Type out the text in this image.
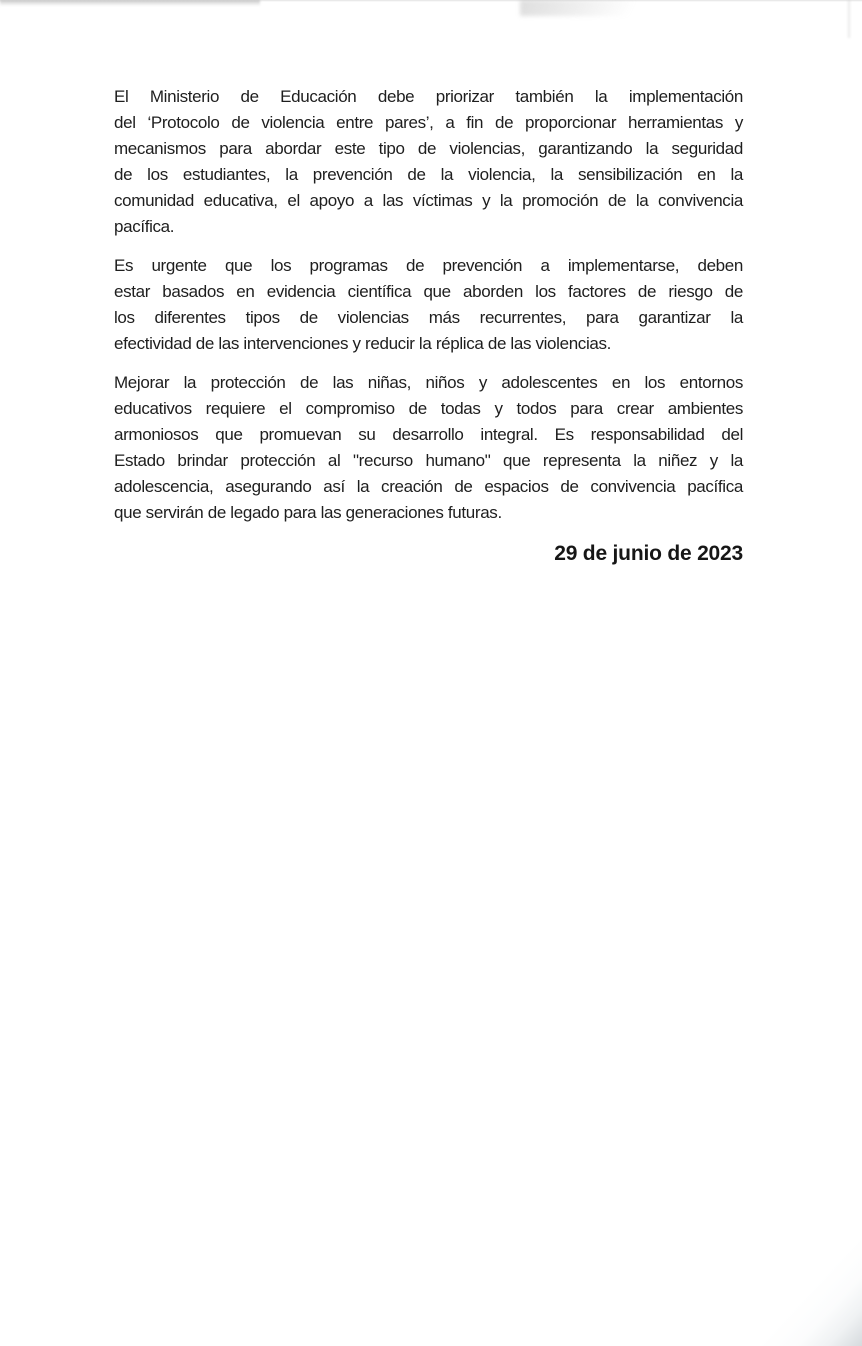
El Ministerio de Educación debe priorizar también la implementación
del ‘Protocolo de violencia entre pares’, a fin de proporcionar herramientas y
mecanismos para abordar este tipo de violencias, garantizando la seguridad
de los estudiantes, la prevención de la violencia, la sensibilización en la
comunidad educativa, el apoyo a las víctimas y la promoción de la convivencia
pacífica.
Es urgente que los programas de prevención a implementarse, deben
estar basados en evidencia científica que aborden los factores de riesgo de
los diferentes tipos de violencias más recurrentes, para garantizar la
efectividad de las intervenciones y reducir la réplica de las violencias.
Mejorar la protección de las niñas, niños y adolescentes en los entornos
educativos requiere el compromiso de todas y todos para crear ambientes
armoniosos que promuevan su desarrollo integral. Es responsabilidad del
Estado brindar protección al "recurso humano" que representa la niñez y la
adolescencia, asegurando así la creación de espacios de convivencia pacífica
que servirán de legado para las generaciones futuras.
29 de junio de 2023
